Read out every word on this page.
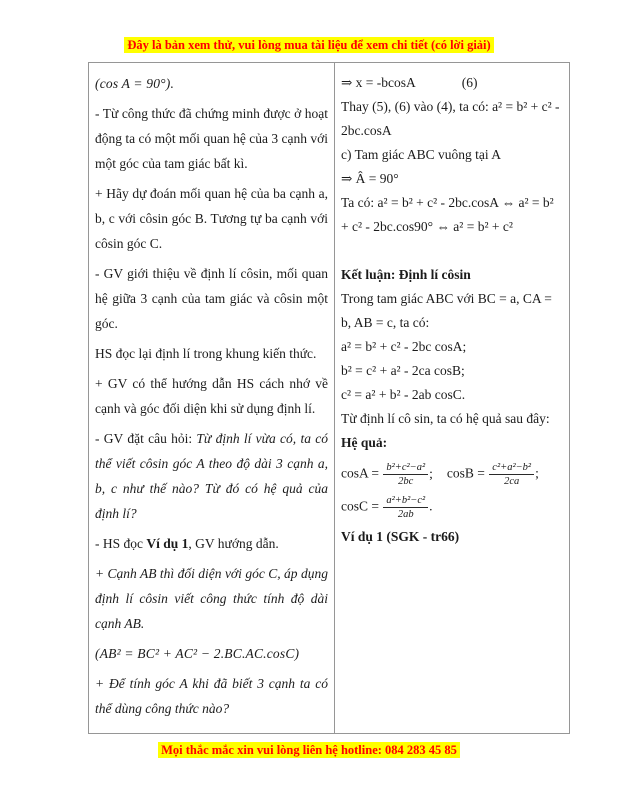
Đây là bản xem thử, vui lòng mua tài liệu để xem chi tiết (có lời giải)

(cos A = 90°).

- Từ công thức đã chứng minh được ở hoạt động ta có một mối quan hệ của 3 cạnh với một góc của tam giác bất kì.

+ Hãy dự đoán mối quan hệ của ba cạnh a, b, c với côsin góc B. Tương tự ba cạnh với côsin góc C.

- GV giới thiệu về định lí côsin, mối quan hệ giữa 3 cạnh của tam giác và côsin một góc.

HS đọc lại định lí trong khung kiến thức.

+ GV có thể hướng dẫn HS cách nhớ về cạnh và góc đối diện khi sử dụng định lí.

- GV đặt câu hỏi: Từ định lí vừa có, ta có thể viết côsin góc A theo độ dài 3 cạnh a, b, c như thế nào? Từ đó có hệ quả của định lí?

- HS đọc Ví dụ 1, GV hướng dẫn.

+ Cạnh AB thì đối diện với góc C, áp dụng định lí côsin viết công thức tính độ dài cạnh AB.

(AB² = BC² + AC² − 2.BC.AC.cosC)

+ Để tính góc A khi đã biết 3 cạnh ta có thể dùng công thức nào?

⇒ x = -bcosA	(6)

Thay (5), (6) vào (4), ta có: a² = b² + c² - 2bc.cosA

c) Tam giác ABC vuông tại A

⇒ Â = 90°

Ta có: a² = b² + c² - 2bc.cosA ⇔ a² = b² + c² - 2bc.cos90° ⇔ a² = b² + c²

Kết luận: Định lí côsin

Trong tam giác ABC với BC = a, CA = b, AB = c, ta có:

a² = b² + c² - 2bc cosA;

b² = c² + a² - 2ca cosB;

c² = a² + b² - 2ab cosC.

Từ định lí cô sin, ta có hệ quả sau đây:

Hệ quả:

$\cos A = \frac{\text{b²+c²−a²}}{2bc}$ ; $\cos B = \frac{\text{c²+a²−b²}}{2ca}$ ;

$\cos C = \frac{\text{a²+b²−c²}}{2ab}$ .

Ví dụ 1 (SGK - tr66)

Mọi thắc mắc xin vui lòng liên hệ hotline: 084 283 45 85
